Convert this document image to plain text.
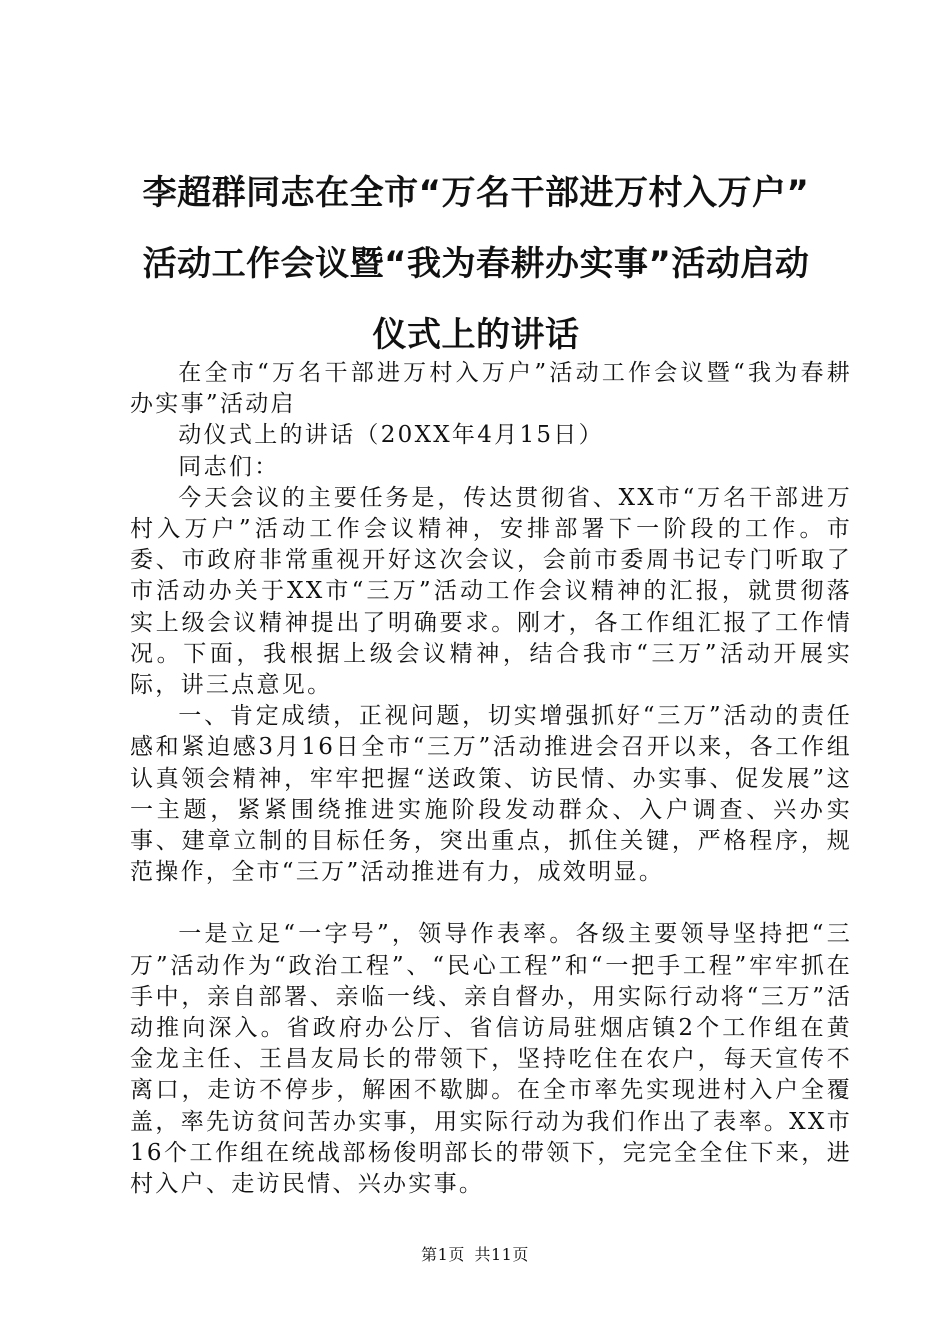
李超群同志在全市“万名干部进万村入万户”
活动工作会议暨“我为春耕办实事”活动启动
仪式上的讲话

在全市“万名干部进万村入万户”活动工作会议暨“我为春耕办实事”活动启

动仪式上的讲话（20XX年4月15日）

同志们：

今天会议的主要任务是，传达贯彻省、XX市“万名干部进万村入万户”活动工作会议精神，安排部署下一阶段的工作。市委、市政府非常重视开好这次会议，会前市委周书记专门听取了市活动办关于XX市“三万”活动工作会议精神的汇报，就贯彻落实上级会议精神提出了明确要求。刚才，各工作组汇报了工作情况。下面，我根据上级会议精神，结合我市“三万”活动开展实际，讲三点意见。

一、肯定成绩，正视问题，切实增强抓好“三万”活动的责任感和紧迫感3月16日全市“三万”活动推进会召开以来，各工作组认真领会精神，牢牢把握“送政策、访民情、办实事、促发展”这一主题，紧紧围绕推进实施阶段发动群众、入户调查、兴办实事、建章立制的目标任务，突出重点，抓住关键，严格程序，规范操作，全市“三万”活动推进有力，成效明显。

一是立足“一字号”，领导作表率。各级主要领导坚持把“三万”活动作为“政治工程”、“民心工程”和“一把手工程”牢牢抓在手中，亲自部署、亲临一线、亲自督办，用实际行动将“三万”活动推向深入。省政府办公厅、省信访局驻烟店镇2个工作组在黄金龙主任、王昌友局长的带领下，坚持吃住在农户，每天宣传不离口，走访不停步，解困不歇脚。在全市率先实现进村入户全覆盖，率先访贫问苦办实事，用实际行动为我们作出了表率。XX市16个工作组在统战部杨俊明部长的带领下，完完全全住下来，进村入户、走访民情、兴办实事。

第1页 共11页
